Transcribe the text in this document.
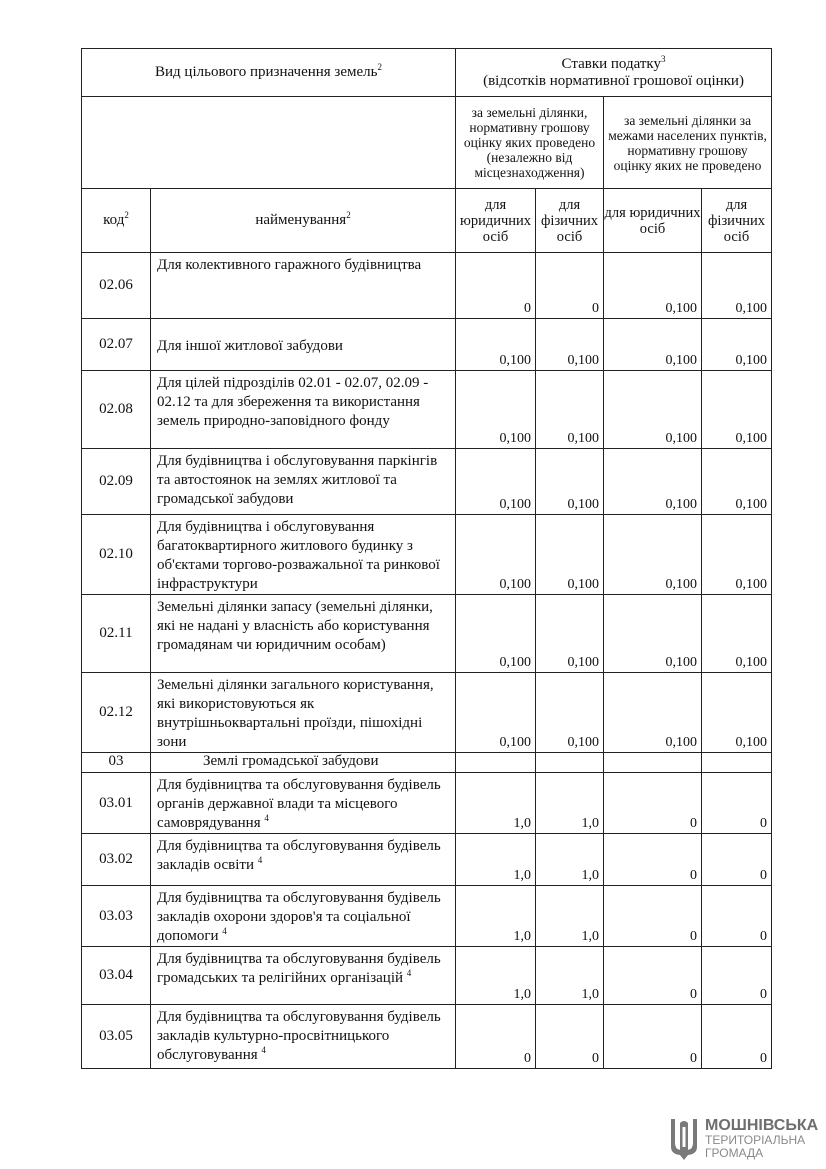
Вид цільового призначення земель$^2$		Ставки податку$^3$
(відсотків нормативної грошової оцінки)			
		за земельні ділянки, нормативну грошову оцінку яких проведено (незалежно від місцезнаходження)		за земельні ділянки за межами населених пунктів, нормативну грошову оцінку яких не проведено	
код$^2$	найменування$^2$	для юридичних осіб	для фізичних осіб	для юридичних осіб	для фізичних осіб
02.06	Для колективного гаражного будівництва	0	0	0,100	0,100
02.07	Для іншої житлової забудови	0,100	0,100	0,100	0,100
02.08	Для цілей підрозділів 02.01 - 02.07, 02.09 - 02.12 та для збереження та використання земель природно-заповідного фонду	0,100	0,100	0,100	0,100
02.09	Для будівництва і обслуговування паркінгів та автостоянок на землях житлової та громадської забудови	0,100	0,100	0,100	0,100
02.10	Для будівництва і обслуговування багатоквартирного житлового будинку з об'єктами торгово-розважальної та ринкової інфраструктури	0,100	0,100	0,100	0,100
02.11	Земельні ділянки запасу (земельні ділянки, які не надані у власність або користування громадянам чи юридичним особам)	0,100	0,100	0,100	0,100
02.12	Земельні ділянки загального користування, які використовуються як внутрішньоквартальні проїзди, пішохідні зони	0,100	0,100	0,100	0,100
03	Землі громадської забудови				
03.01	Для будівництва та обслуговування будівель органів державної влади та місцевого самоврядування $^4$	1,0	1,0	0	0
03.02	Для будівництва та обслуговування будівель закладів освіти $^4$	1,0	1,0	0	0
03.03	Для будівництва та обслуговування будівель закладів охорони здоров'я та соціальної допомоги $^4$	1,0	1,0	0	0
03.04	Для будівництва та обслуговування будівель громадських та релігійних організацій $^4$	1,0	1,0	0	0
03.05	Для будівництва та обслуговування будівель закладів культурно-просвітницького обслуговування $^4$	0	0	0	0
МОШНІВСЬКА
ТЕРИТОРІАЛЬНА
ГРОМАДА
